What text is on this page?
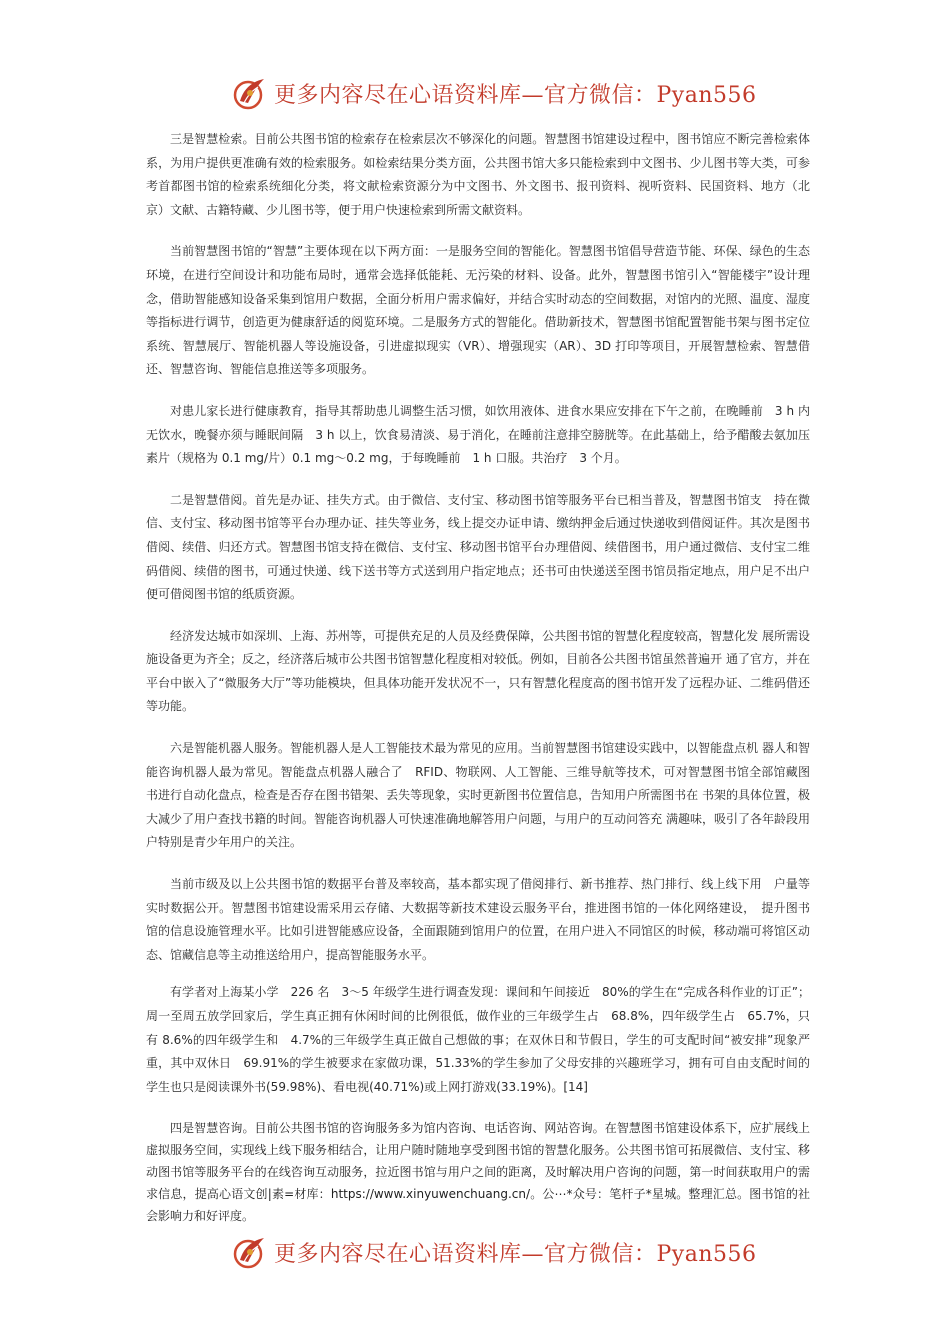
更多内容尽在心语资料库—官方微信：Pyan556

三是智慧检索。目前公共图书馆的检索存在检索层次不够深化的问题。智慧图书馆建设过程中，图书馆应不断完善检索体系，为用户提供更准确有效的检索服务。如检索结果分类方面，公共图书馆大多只能检索到中文图书、少儿图书等大类，可参考首都图书馆的检索系统细化分类，将文献检索资源分为中文图书、外文图书、报刊资料、视听资料、民国资料、地方（北京）文献、古籍特藏、少儿图书等，便于用户快速检索到所需文献资料。

当前智慧图书馆的“智慧”主要体现在以下两方面：一是服务空间的智能化。智慧图书馆倡导营造节能、环保、绿色的生态环境，在进行空间设计和功能布局时，通常会选择低能耗、无污染的材料、设备。此外，智慧图书馆引入“智能楼宇”设计理念，借助智能感知设备采集到馆用户数据，全面分析用户需求偏好，并结合实时动态的空间数据，对馆内的光照、温度、湿度等指标进行调节，创造更为健康舒适的阅览环境。二是服务方式的智能化。借助新技术，智慧图书馆配置智能书架与图书定位系统、智慧展厅、智能机器人等设施设备，引进虚拟现实（VR）、增强现实（AR）、3D 打印等项目，开展智慧检索、智慧借还、智慧咨询、智能信息推送等多项服务。

对患儿家长进行健康教育，指导其帮助患儿调整生活习惯，如饮用液体、进食水果应安排在下午之前，在晚睡前　3 h 内无饮水，晚餐亦须与睡眠间隔　3 h 以上，饮食易清淡、易于消化，在睡前注意排空膀胱等。在此基础上，给予醋酸去氨加压素片（规格为 0.1 mg/片）0.1 mg～0.2 mg，于每晚睡前　1 h 口服。共治疗　3 个月。

二是智慧借阅。首先是办证、挂失方式。由于微信、支付宝、移动图书馆等服务平台已相当普及，智慧图书馆支　持在微信、支付宝、移动图书馆等平台办理办证、挂失等业务，线上提交办证申请、缴纳押金后通过快递收到借阅证件。其次是图书借阅、续借、归还方式。智慧图书馆支持在微信、支付宝、移动图书馆平台办理借阅、续借图书，用户通过微信、支付宝二维码借阅、续借的图书，可通过快递、线下送书等方式送到用户指定地点；还书可由快递送至图书馆员指定地点，用户足不出户便可借阅图书馆的纸质资源。

经济发达城市如深圳、上海、苏州等，可提供充足的人员及经费保障，公共图书馆的智慧化程度较高，智慧化发 展所需设施设备更为齐全；反之，经济落后城市公共图书馆智慧化程度相对较低。例如，目前各公共图书馆虽然普遍开 通了官方，并在平台中嵌入了“微服务大厅”等功能模块，但具体功能开发状况不一，只有智慧化程度高的图书馆开发了远程办证、二维码借还等功能。

六是智能机器人服务。智能机器人是人工智能技术最为常见的应用。当前智慧图书馆建设实践中，以智能盘点机 器人和智能咨询机器人最为常见。智能盘点机器人融合了　RFID、物联网、人工智能、三维导航等技术，可对智慧图书馆全部馆藏图书进行自动化盘点，检查是否存在图书错架、丢失等现象，实时更新图书位置信息，告知用户所需图书在 书架的具体位置，极大减少了用户查找书籍的时间。智能咨询机器人可快速准确地解答用户问题，与用户的互动问答充 满趣味，吸引了各年龄段用户特别是青少年用户的关注。

当前市级及以上公共图书馆的数据平台普及率较高，基本都实现了借阅排行、新书推荐、热门排行、线上线下用　户量等实时数据公开。智慧图书馆建设需采用云存储、大数据等新技术建设云服务平台，推进图书馆的一体化网络建设，　提升图书馆的信息设施管理水平。比如引进智能感应设备，全面跟随到馆用户的位置，在用户进入不同馆区的时候，移动端可将馆区动态、馆藏信息等主动推送给用户，提高智能服务水平。

有学者对上海某小学　226 名　3～5 年级学生进行调查发现：课间和午间接近　80%的学生在“完成各科作业的订正”；周一至周五放学回家后，学生真正拥有休闲时间的比例很低，做作业的三年级学生占　68.8%，四年级学生占　65.7%，只有 8.6%的四年级学生和　4.7%的三年级学生真正做自己想做的事；在双休日和节假日，学生的可支配时间“被安排”现象严重，其中双休日　69.91%的学生被要求在家做功课，51.33%的学生参加了父母安排的兴趣班学习，拥有可自由支配时间的学生也只是阅读课外书(59.98%)、看电视(40.71%)或上网打游戏(33.19%)。[14]

四是智慧咨询。目前公共图书馆的咨询服务多为馆内咨询、电话咨询、网站咨询。在智慧图书馆建设体系下，应扩展线上虚拟服务空间，实现线上线下服务相结合，让用户随时随地享受到图书馆的智慧化服务。公共图书馆可拓展微信、支付宝、移动图书馆等服务平台的在线咨询互动服务，拉近图书馆与用户之间的距离，及时解决用户咨询的问题，第一时间获取用户的需求信息，提高心语文创|素=材库：https://www.xinyuwenchuang.cn/。公⋯*众号：笔杆子*星城。整理汇总。图书馆的社会影响力和好评度。

更多内容尽在心语资料库—官方微信：Pyan556
